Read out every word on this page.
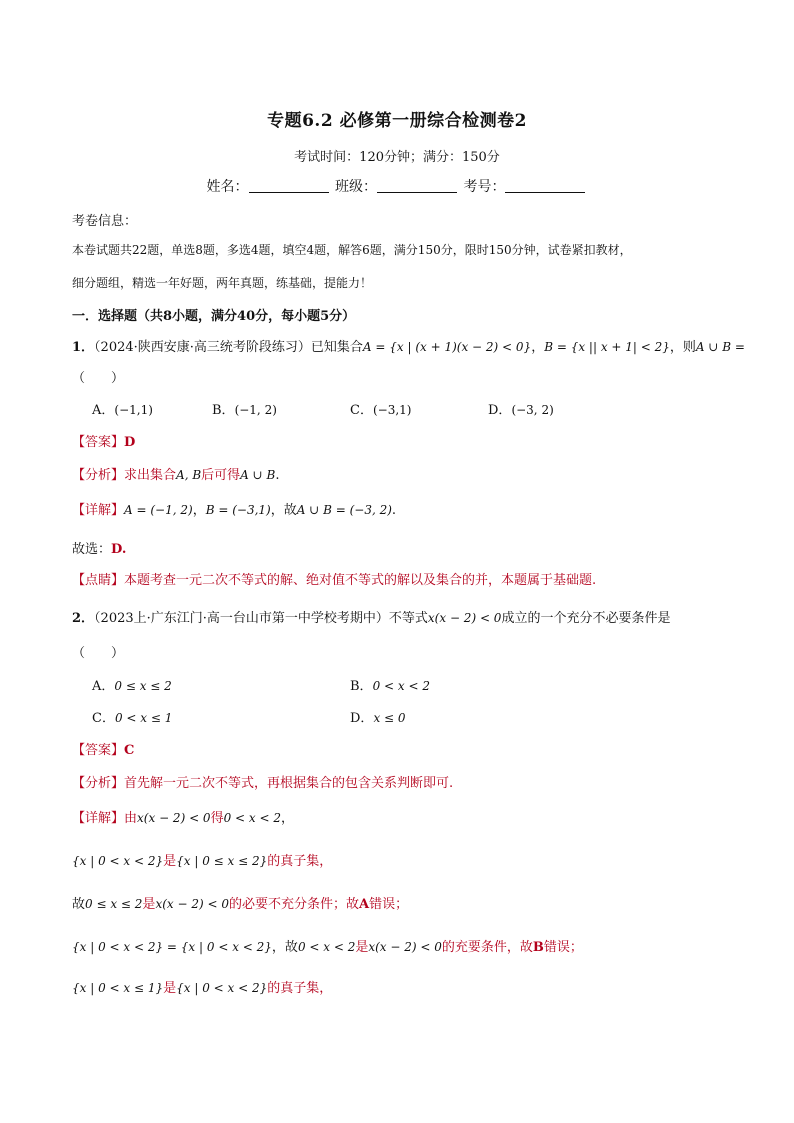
专题6.2 必修第一册综合检测卷2
考试时间：120分钟；满分：150分
姓名：	班级：	考号：
考卷信息：
本卷试题共22题，单选8题，多选4题，填空4题，解答6题，满分150分，限时150分钟，试卷紧扣教材，
细分题组，精选一年好题，两年真题，练基础，提能力！
一．选择题（共8小题，满分40分，每小题5分）
1．（2024·陕西安康·高三统考阶段练习）已知集合A = {x | (x + 1)(x − 2) < 0}，B = {x || x + 1| < 2}，则A ∪ B =
（　　）
A．(−1,1)	B．(−1, 2)	C．(−3,1)	D．(−3, 2)
【答案】D
【分析】求出集合A, B后可得A ∪ B.
【详解】A = (−1, 2)，B = (−3,1)，故A ∪ B = (−3, 2).
故选：D.
【点睛】本题考查一元二次不等式的解、绝对值不等式的解以及集合的并，本题属于基础题.
2．（2023上·广东江门·高一台山市第一中学校考期中）不等式x(x − 2) < 0成立的一个充分不必要条件是
（　　）
A．0 ≤ x ≤ 2	B．0 < x < 2
C．0 < x ≤ 1	D．x ≤ 0
【答案】C
【分析】首先解一元二次不等式，再根据集合的包含关系判断即可.
【详解】由x(x − 2) < 0得0 < x < 2，
{x | 0 < x < 2}是{x | 0 ≤ x ≤ 2}的真子集，
故0 ≤ x ≤ 2是x(x − 2) < 0的必要不充分条件；故A错误；
{x | 0 < x < 2} = {x | 0 < x < 2}，故0 < x < 2是x(x − 2) < 0的充要条件，故B错误；
{x | 0 < x ≤ 1}是{x | 0 < x < 2}的真子集，
